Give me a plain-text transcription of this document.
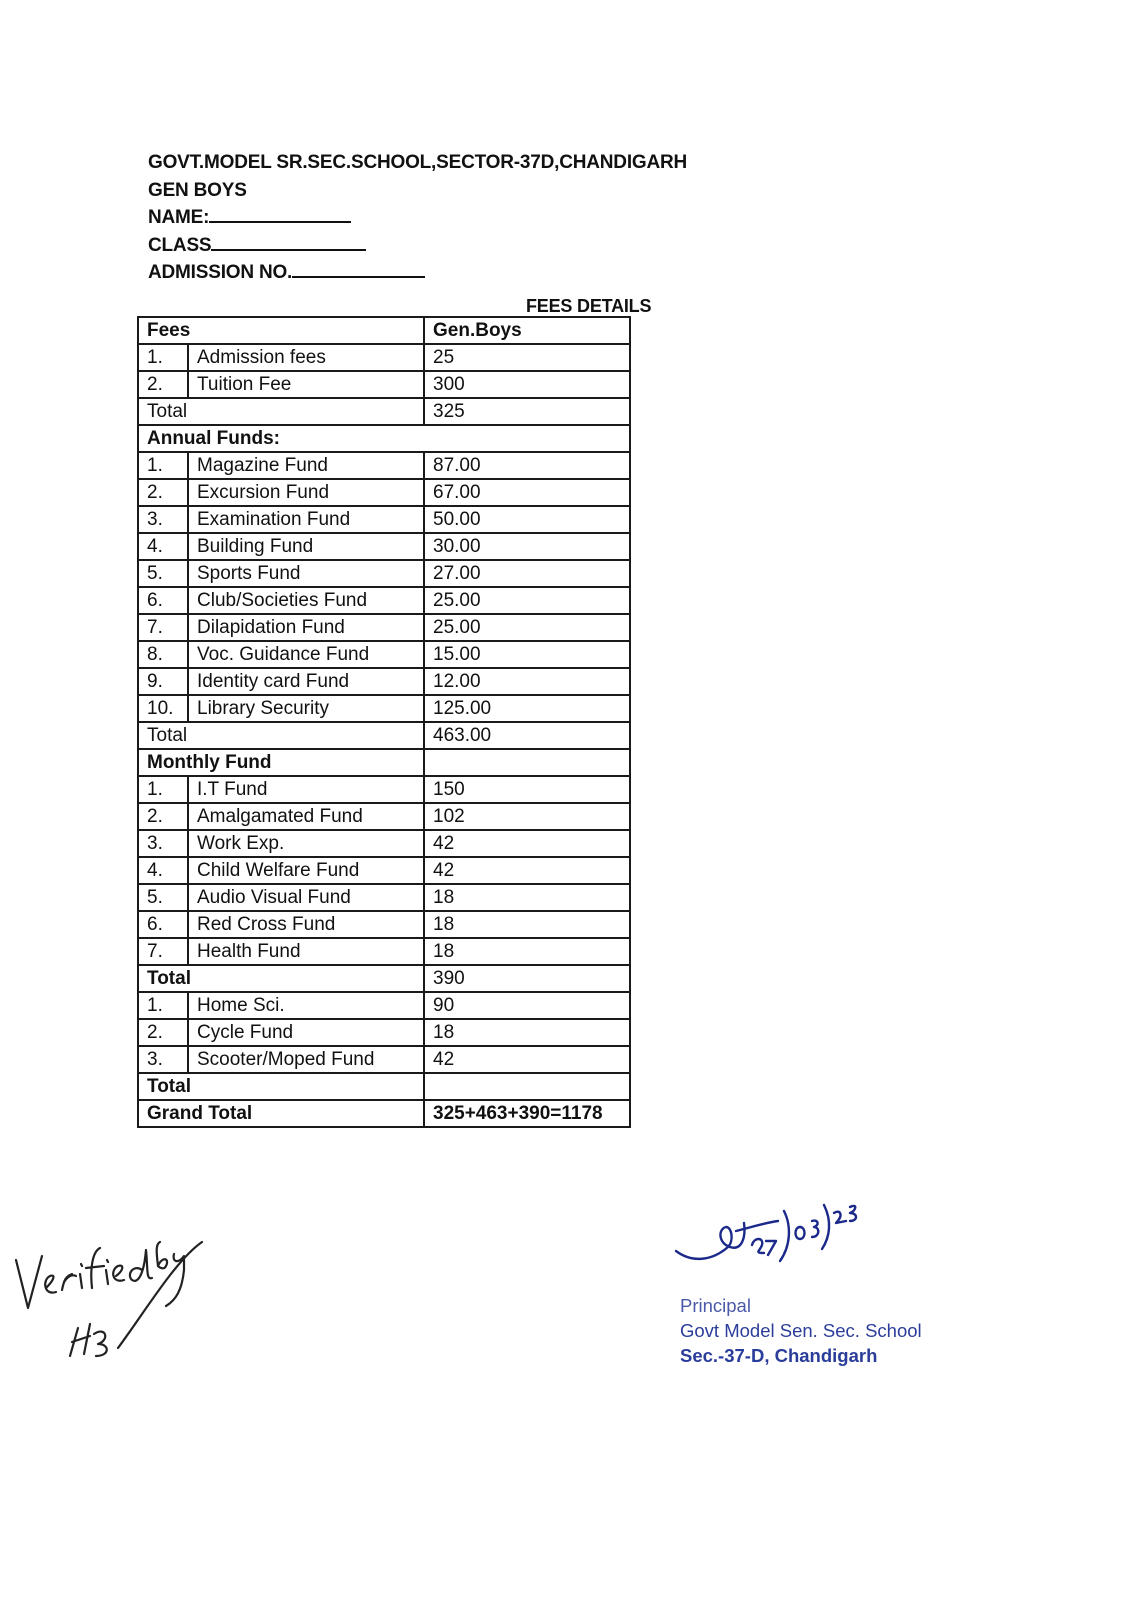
GOVT.MODEL SR.SEC.SCHOOL,SECTOR-37D,CHANDIGARH
GEN BOYS
NAME:
CLASS
ADMISSION NO.
FEES DETAILS
Fees		Gen.Boys
1.	Admission fees	25
2.	Tuition Fee	300
Total		325
Annual Funds:		
1.	Magazine Fund	87.00
2.	Excursion Fund	67.00
3.	Examination Fund	50.00
4.	Building Fund	30.00
5.	Sports Fund	27.00
6.	Club/Societies Fund	25.00
7.	Dilapidation Fund	25.00
8.	Voc. Guidance Fund	15.00
9.	Identity card Fund	12.00
10.	Library Security	125.00
Total		463.00
Monthly Fund		
1.	I.T Fund	150
2.	Amalgamated Fund	102
3.	Work Exp.	42
4.	Child Welfare Fund	42
5.	Audio Visual Fund	18
6.	Red Cross Fund	18
7.	Health Fund	18
Total		390
1.	Home Sci.	90
2.	Cycle Fund	18
3.	Scooter/Moped Fund	42
Total		
Grand Total		325+463+390=1178
Principal
Govt Model Sen. Sec. School
Sec.-37-D, Chandigarh
